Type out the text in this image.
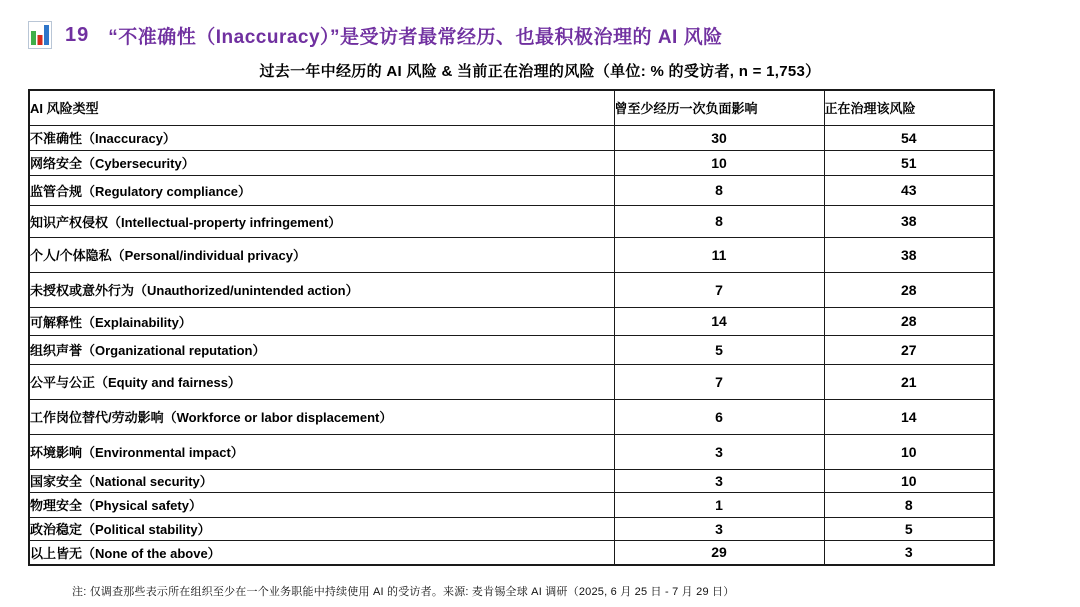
19 “不准确性（Inaccuracy）”是受访者最常经历、也最积极治理的 AI 风险
过去一年中经历的 AI 风险 & 当前正在治理的风险（单位: % 的受访者, n = 1,753）
AI 风险类型	曾至少经历一次负面影响	正在治理该风险
不准确性（Inaccuracy）	30	54
网络安全（Cybersecurity）	10	51
监管合规（Regulatory compliance）	8	43
知识产权侵权（Intellectual-property infringement）	8	38
个人/个体隐私（Personal/individual privacy）	11	38
未授权或意外行为（Unauthorized/unintended action）	7	28
可解释性（Explainability）	14	28
组织声誉（Organizational reputation）	5	27
公平与公正（Equity and fairness）	7	21
工作岗位替代/劳动影响（Workforce or labor displacement）	6	14
环境影响（Environmental impact）	3	10
国家安全（National security）	3	10
物理安全（Physical safety）	1	8
政治稳定（Political stability）	3	5
以上皆无（None of the above）	29	3
注: 仅调查那些表示所在组织至少在一个业务职能中持续使用 AI 的受访者。来源: 麦肯锡全球 AI 调研（2025, 6 月 25 日 - 7 月 29 日）
